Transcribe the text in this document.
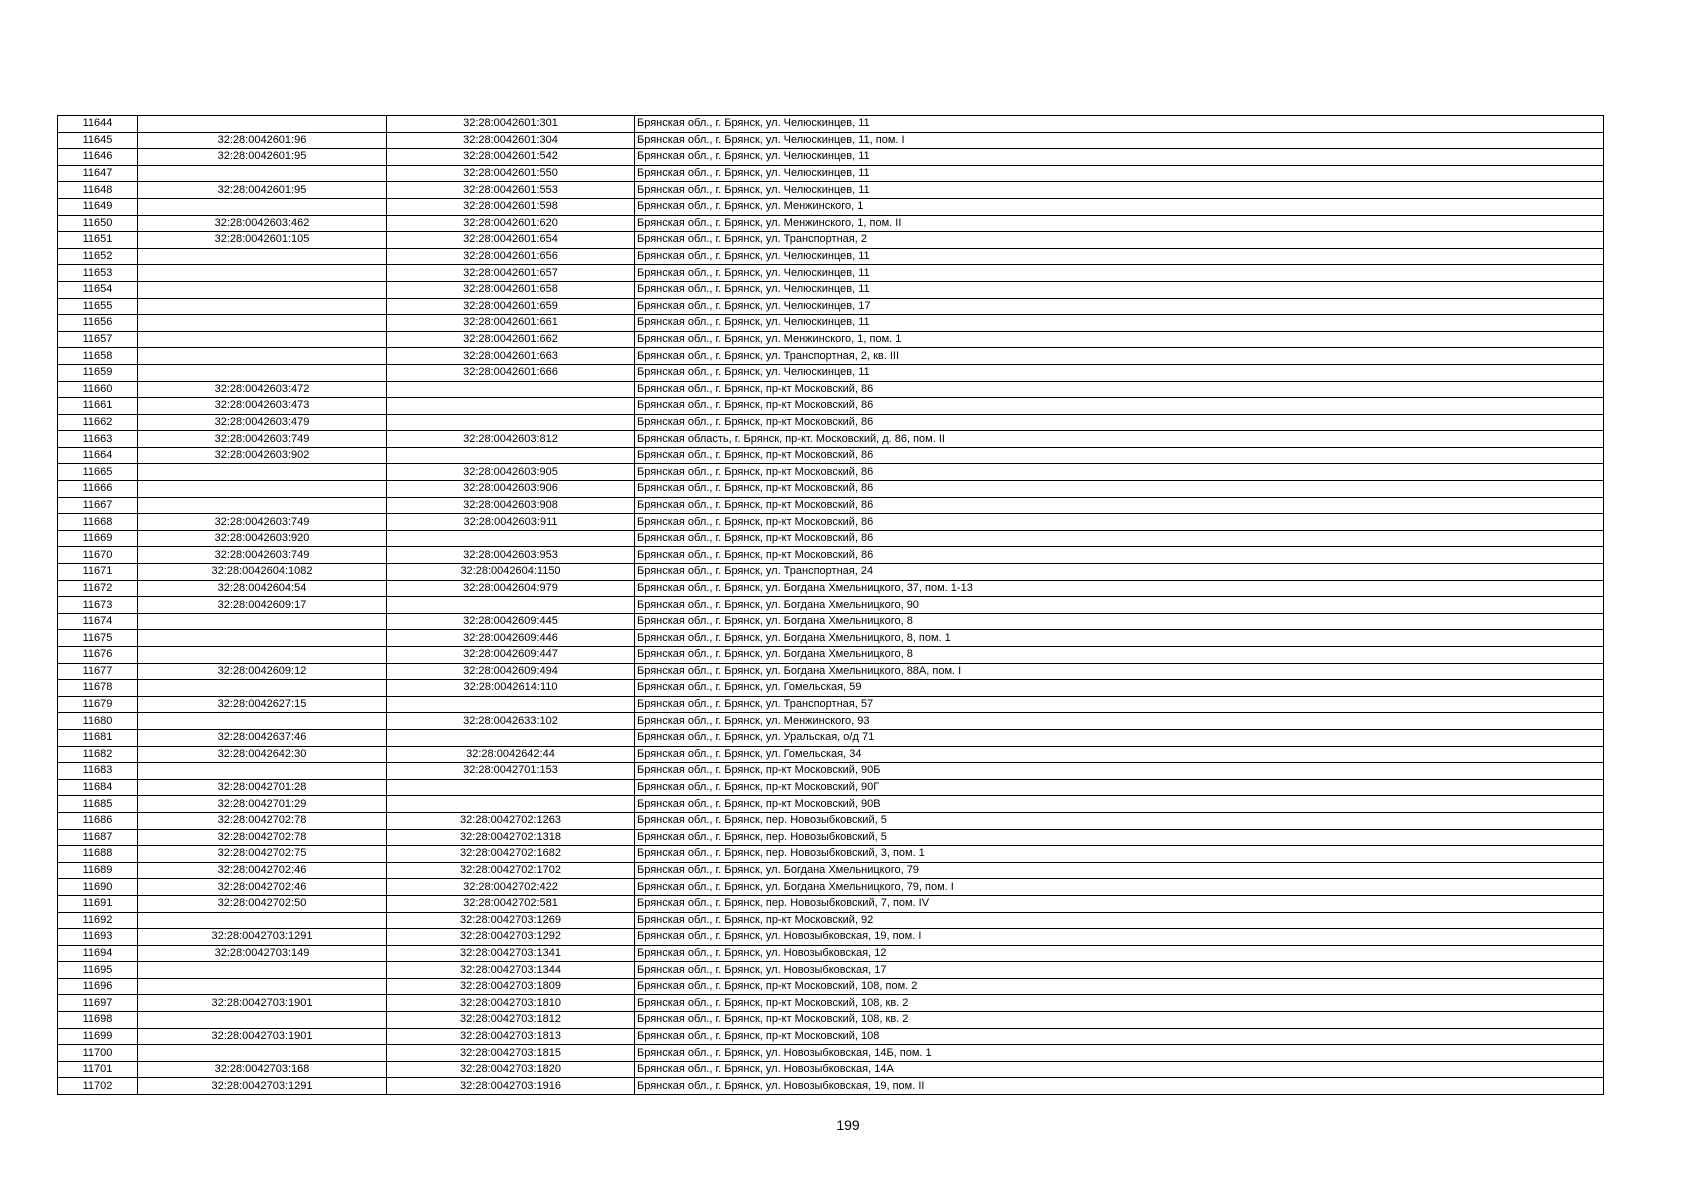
11644		32:28:0042601:301	Брянская обл., г. Брянск, ул. Челюскинцев, 11
11645	32:28:0042601:96	32:28:0042601:304	Брянская обл., г. Брянск, ул. Челюскинцев, 11, пом. I
11646	32:28:0042601:95	32:28:0042601:542	Брянская обл., г. Брянск, ул. Челюскинцев, 11
11647		32:28:0042601:550	Брянская обл., г. Брянск, ул. Челюскинцев, 11
11648	32:28:0042601:95	32:28:0042601:553	Брянская обл., г. Брянск, ул. Челюскинцев, 11
11649		32:28:0042601:598	Брянская обл., г. Брянск, ул. Менжинского, 1
11650	32:28:0042603:462	32:28:0042601:620	Брянская обл., г. Брянск, ул. Менжинского, 1, пом. II
11651	32:28:0042601:105	32:28:0042601:654	Брянская обл., г. Брянск, ул. Транспортная, 2
11652		32:28:0042601:656	Брянская обл., г. Брянск, ул. Челюскинцев, 11
11653		32:28:0042601:657	Брянская обл., г. Брянск, ул. Челюскинцев, 11
11654		32:28:0042601:658	Брянская обл., г. Брянск, ул. Челюскинцев, 11
11655		32:28:0042601:659	Брянская обл., г. Брянск, ул. Челюскинцев, 17
11656		32:28:0042601:661	Брянская обл., г. Брянск, ул. Челюскинцев, 11
11657		32:28:0042601:662	Брянская обл., г. Брянск, ул. Менжинского, 1, пом. 1
11658		32:28:0042601:663	Брянская обл., г. Брянск, ул. Транспортная, 2, кв. III
11659		32:28:0042601:666	Брянская обл., г. Брянск, ул. Челюскинцев, 11
11660	32:28:0042603:472		Брянская обл., г. Брянск, пр-кт Московский, 86
11661	32:28:0042603:473		Брянская обл., г. Брянск, пр-кт Московский, 86
11662	32:28:0042603:479		Брянская обл., г. Брянск, пр-кт Московский, 86
11663	32:28:0042603:749	32:28:0042603:812	Брянская область, г. Брянск, пр-кт. Московский, д. 86, пом. II
11664	32:28:0042603:902		Брянская обл., г. Брянск, пр-кт Московский, 86
11665		32:28:0042603:905	Брянская обл., г. Брянск, пр-кт Московский, 86
11666		32:28:0042603:906	Брянская обл., г. Брянск, пр-кт Московский, 86
11667		32:28:0042603:908	Брянская обл., г. Брянск, пр-кт Московский, 86
11668	32:28:0042603:749	32:28:0042603:911	Брянская обл., г. Брянск, пр-кт Московский, 86
11669	32:28:0042603:920		Брянская обл., г. Брянск, пр-кт Московский, 86
11670	32:28:0042603:749	32:28:0042603:953	Брянская обл., г. Брянск, пр-кт Московский, 86
11671	32:28:0042604:1082	32:28:0042604:1150	Брянская обл., г. Брянск, ул. Транспортная, 24
11672	32:28:0042604:54	32:28:0042604:979	Брянская обл., г. Брянск, ул. Богдана Хмельницкого, 37, пом. 1-13
11673	32:28:0042609:17		Брянская обл., г. Брянск, ул. Богдана Хмельницкого, 90
11674		32:28:0042609:445	Брянская обл., г. Брянск, ул. Богдана Хмельницкого, 8
11675		32:28:0042609:446	Брянская обл., г. Брянск, ул. Богдана Хмельницкого, 8, пом. 1
11676		32:28:0042609:447	Брянская обл., г. Брянск, ул. Богдана Хмельницкого, 8
11677	32:28:0042609:12	32:28:0042609:494	Брянская обл., г. Брянск, ул. Богдана Хмельницкого, 88А, пом. I
11678		32:28:0042614:110	Брянская обл., г. Брянск, ул. Гомельская, 59
11679	32:28:0042627:15		Брянская обл., г. Брянск, ул. Транспортная, 57
11680		32:28:0042633:102	Брянская обл., г. Брянск, ул. Менжинского, 93
11681	32:28:0042637:46		Брянская обл., г. Брянск, ул. Уральская, о/д 71
11682	32:28:0042642:30	32:28:0042642:44	Брянская обл., г. Брянск, ул. Гомельская, 34
11683		32:28:0042701:153	Брянская обл., г. Брянск, пр-кт Московский, 90Б
11684	32:28:0042701:28		Брянская обл., г. Брянск, пр-кт Московский, 90Г
11685	32:28:0042701:29		Брянская обл., г. Брянск, пр-кт Московский, 90В
11686	32:28:0042702:78	32:28:0042702:1263	Брянская обл., г. Брянск, пер. Новозыбковский, 5
11687	32:28:0042702:78	32:28:0042702:1318	Брянская обл., г. Брянск, пер. Новозыбковский, 5
11688	32:28:0042702:75	32:28:0042702:1682	Брянская обл., г. Брянск, пер. Новозыбковский, 3, пом. 1
11689	32:28:0042702:46	32:28:0042702:1702	Брянская обл., г. Брянск, ул. Богдана Хмельницкого, 79
11690	32:28:0042702:46	32:28:0042702:422	Брянская обл., г. Брянск, ул. Богдана Хмельницкого, 79, пом. I
11691	32:28:0042702:50	32:28:0042702:581	Брянская обл., г. Брянск, пер. Новозыбковский, 7, пом. IV
11692		32:28:0042703:1269	Брянская обл., г. Брянск, пр-кт Московский, 92
11693	32:28:0042703:1291	32:28:0042703:1292	Брянская обл., г. Брянск, ул. Новозыбковская, 19, пом. I
11694	32:28:0042703:149	32:28:0042703:1341	Брянская обл., г. Брянск, ул. Новозыбковская, 12
11695		32:28:0042703:1344	Брянская обл., г. Брянск, ул. Новозыбковская, 17
11696		32:28:0042703:1809	Брянская обл., г. Брянск, пр-кт Московский, 108, пом. 2
11697	32:28:0042703:1901	32:28:0042703:1810	Брянская обл., г. Брянск, пр-кт Московский, 108, кв. 2
11698		32:28:0042703:1812	Брянская обл., г. Брянск, пр-кт Московский, 108, кв. 2
11699	32:28:0042703:1901	32:28:0042703:1813	Брянская обл., г. Брянск, пр-кт Московский, 108
11700		32:28:0042703:1815	Брянская обл., г. Брянск, ул. Новозыбковская, 14Б, пом. 1
11701	32:28:0042703:168	32:28:0042703:1820	Брянская обл., г. Брянск, ул. Новозыбковская, 14А
11702	32:28:0042703:1291	32:28:0042703:1916	Брянская обл., г. Брянск, ул. Новозыбковская, 19, пом. II
199
